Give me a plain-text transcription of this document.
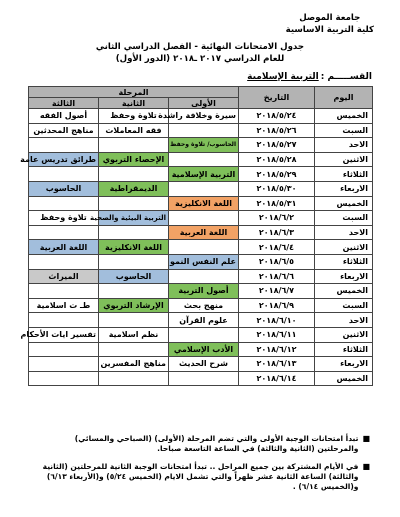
جامعة الموصل
كلية التربية الاساسية
جدول الامتحانات النهائية - الفصل الدراسي الثاني
للعام الدراسي ٢٠١٧ ـ٢٠١٨ (الدور الأول)
القســـــم :
التربية الإسلامية
اليوم	التاريخ	المرحلة		
		الأولى	الثانية	الثالثة
الخميس	٢٠١٨/٥/٢٤	سيرة وخلافة راشدة	تلاوة وحفظ	أصول الفقه
السبت	٢٠١٨/٥/٢٦		فقه المعاملات	مناهج المحدثين
الاحد	٢٠١٨/٥/٢٧	الحاسوب/ تلاوة وحفظ		
الاثنين	٢٠١٨/٥/٢٨		الإحصاء التربوي	طرائق تدريس عامة
الثلاثاء	٢٠١٨/٥/٢٩	التربية الإسلامية		
الاربعاء	٢٠١٨/٥/٣٠		الديمقراطية	الحاسوب
الخميس	٢٠١٨/٥/٣١	اللغة الانكليزية		
السبت	٢٠١٨/٦/٢		التربية البيئية والصحية	تلاوة وحفظ
الاحد	٢٠١٨/٦/٣	اللغة العربية		
الاثنين	٢٠١٨/٦/٤		اللغة الانكليزية	اللغة العربية
الثلاثاء	٢٠١٨/٦/٥	علم النفس النمو		
الاربعاء	٢٠١٨/٦/٦		الحاسوب	الميراث
الخميس	٢٠١٨/٦/٧	أصول التربية		
السبت	٢٠١٨/٦/٩	منهج بحث	الإرشاد التربوي	طـ ت اسلامية
الاحد	٢٠١٨/٦/١٠	علوم القرآن		
الاثنين	٢٠١٨/٦/١١		نظم اسلامية	تفسير ايات الأحكام
الثلاثاء	٢٠١٨/٦/١٢	الأدب الإسلامي		
الاربعاء	٢٠١٨/٦/١٣	شرح الحديث	مناهج المفسرين	
الخميس	٢٠١٨/٦/١٤			
■
تبدأ امتحانات الوجبة الأولى والتي تضم المرحلة (الأولى) (الصباحي والمسائي) والمرحلتين (الثانية والثالثة) في الساعة التاسعة صباحا.
■
في الأيام المشتركة بين جميع المراحل .. تبدأ امتحانات الوجبة الثانية للمرحلتين (الثانية والثالثة) الساعة الثانية عشر ظهراً والتي تشمل الايام (الخميس ٥/٢٤) و(الأربعاء ٦/١٣) و(الخميس ٦/١٤) .
